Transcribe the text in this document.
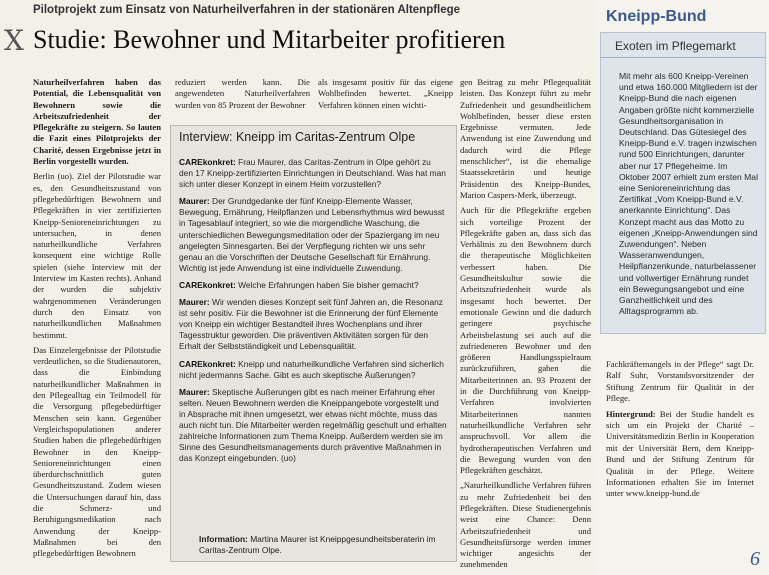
X
Pilotprojekt zum Einsatz von Naturheilverfahren in der stationären Altenpflege
Studie: Bewohner und Mitarbeiter profitieren

Naturheilverfahren haben das Potential, die Lebensqualität von Bewohnern sowie die Arbeitszufriedenheit der Pflegekräfte zu steigern. So lauten die Fazit eines Pilotprojekts der Charité, dessen Ergebnisse jetzt in Berlin vorgestellt wurden.

Berlin (uo). Ziel der Pilotstudie war es, den Gesundheitszustand von pflegebedürftigen Bewohnern und Pflegekräften in vier zertifizierten Kneipp-Senioreneinrichtungen zu untersuchen, in denen naturheilkundliche Verfahren konsequent eine wichtige Rolle spielen (siehe Interview mit der Interview im Kasten rechts). Anhand der wurden die subjektiv wahrgenommenen Veränderungen durch den Einsatz von naturheilkundlichen Maßnahmen bestimmt.

Das Einzelergebnisse der Pilotstudie verdeutlichen, so die Studienautoren, dass die Einbindung naturheilkundlicher Maßnahmen in den Pflegealltag ein Teilmodell für die Versorgung pflegebedürftiger Menschen sein kann. Gegenüber Vergleichspopulationen anderer Studien haben die pflegebedürftigen Bewohner in den Kneipp-Senioreneinrichtungen einen überdurchschnittlich guten Gesundheitszustand. Zudem wiesen die Untersuchungen darauf hin, dass die Schmerz- und Beruhigungsmedikation nach Anwendung der Kneipp-Maßnahmen bei den pflegebedürftigen Bewohnern

reduziert werden kann. Die angewendeten Naturheilverfahren wurden von 85 Prozent der Bewohner

als insgesamt positiv für das eigene Wohlbefinden bewertet. „Kneipp Verfahren können einen wichti-

Interview: Kneipp im Caritas-Zentrum Olpe

CAREkonkret: Frau Maurer, das Caritas-Zentrum in Olpe gehört zu den 17 Kneipp-zertifizierten Einrichtungen in Deutschland. Was hat man sich unter dieser Konzept in einem Heim vorzustellen?

Maurer: Der Grundgedanke der fünf Kneipp-Elemente Wasser, Bewegung, Ernährung, Heilpflanzen und Lebensrhythmus wird bewusst in Tagesablauf integriert, so wie die morgendliche Waschung, die unterschiedlichen Bewegungsmeditation oder der Spaziergang im neu angelegten Sinnesgarten. Bei der Verpflegung richten wir uns sehr genau an die Vorschriften der Deutsche Gesellschaft für Ernährung. Wichtig ist jede Anwendung ist eine individuelle Zuwendung.

CAREkonkret: Welche Erfahrungen haben Sie bisher gemacht?

Maurer: Wir wenden dieses Konzept seit fünf Jahren an, die Resonanz ist sehr positiv. Für die Bewohner ist die Erinnerung der fünf Elemente von Kneipp ein wichtiger Bestandteil ihres Wochenplans und ihrer Tagesstruktur geworden. Die präventiven Aktivitäten sorgen für den Erhalt der Selbstständigkeit und Lebensqualität.

CAREkonkret: Kneipp und naturheilkundliche Verfahren sind sicherlich nicht jedermanns Sache. Gibt es auch skeptische Äußerungen?

Maurer: Skeptische Äußerungen gibt es nach meiner Erfahrung eher selten. Neuen Bewohnern werden die Kneippangebote vorgestellt und in Absprache mit ihnen umgesetzt, wer etwas nicht möchte, muss das auch nicht tun. Die Mitarbeiter werden regelmäßig geschult und erhalten zahlreiche Informationen zum Thema Kneipp. Außerdem werden sie im Sinne des Gesundheitsmanagements durch präventive Maßnahmen in das Konzept eingebunden. (uo)

Information: Martina Maurer ist Kneippgesundheitsberaterin im Caritas-Zentrum Olpe.

gen Beitrag zu mehr Pflegequalität leisten. Das Konzept führt zu mehr Zufriedenheit und gesundheitlichem Wohlbefinden, besser diese ersten Ergebnisse vermuten. Jede Anwendung ist eine Zuwendung und dadurch wird die Pflege menschlicher“, ist die ehemalige Staatssekretärin und heutige Präsidentin des Kneipp-Bundes, Marion Caspers-Merk, überzeugt.

Auch für die Pflegekräfte ergeben sich vorteilige Prozent der Pflegekräfte gaben an, dass sich das Verhältnis zu den Bewohnern durch die therapeutische Möglichkeiten verbessert haben. Die Gesundheitskultur sowie die Arbeitszufriedenheit wurde als insgesamt hoch bewertet. Der emotionale Gewinn und die dadurch geringere psychische Arbeitsbelastung sei auch auf die zufriedeneren Bewohner und den größeren Handlungsspielraum zurückzuführen, gaben die Mitarbeiterinnen an. 93 Prozent der in die Durchführung von Kneipp-Verfahren involvierten Mitarbeiterinnen nannten naturheilkundliche Verfahren sehr anspruchsvoll. Vor allem die hydrotherapeutischen Verfahren und die Bewegung wurden von den Pflegekräften geschätzt.

„Naturheilkundliche Verfahren führen zu mehr Zufriedenheit bei den Pflegekräften. Diese Studienergebnis weist eine Chance: Denn Arbeitszufriedenheit und Gesundheitsfürsorge werden immer wichtiger angesichts der zunehmenden

Kneipp-Bund
Exoten im Pflegemarkt
Mit mehr als 600 Kneipp-Vereinen und etwa 160.000 Mitgliedern ist der Kneipp-Bund die nach eigenen Angaben größte nicht kommerzielle Gesundheitsorganisation in Deutschland. Das Gütesiegel des Kneipp-Bund e.V. tragen inzwischen rund 500 Einrichtungen, darunter aber nur 17 Pflegeheime. Im Oktober 2007 erhielt zum ersten Mal eine Senioreneinrichtung das Zertifikat „Vom Kneipp-Bund e.V. anerkannte Einrichtung“. Das Konzept macht aus das Motto zu eigenen „Kneipp-Anwendungen sind Zuwendungen“. Neben Wasseranwendungen, Heilpflanzenkunde, naturbelassener und vollwertiger Ernährung rundet ein Bewegungsangebot und eine Ganzheitlichkeit und des Alltagsprogramm ab.

Fachkräftemangels in der Pflege“ sagt Dr. Ralf Suhr, Vorstandsvorsitzender der Stiftung Zentrum für Qualität in der Pflege.

Hintergrund: Bei der Studie handelt es sich um ein Projekt der Charité – Universitätsmedizin Berlin in Kooperation mit der Universität Bern, dem Kneipp-Bund und der Stiftung Zentrum für Qualität in der Pflege. Weitere Informationen erhalten Sie im Internet unter www.kneipp-bund.de

6
